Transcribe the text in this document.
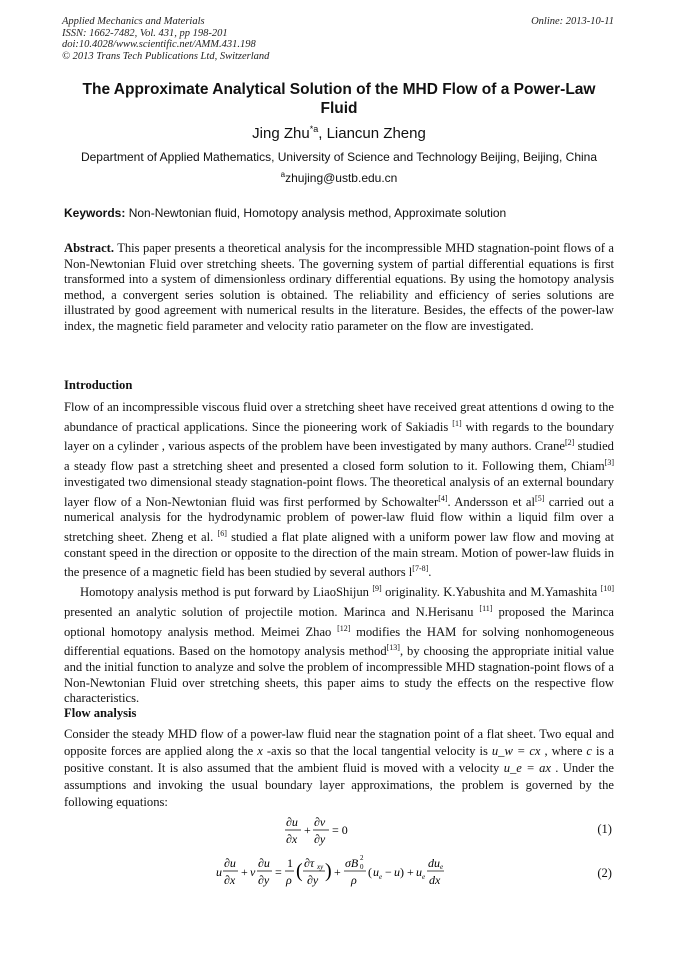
Applied Mechanics and Materials
ISSN: 1662-7482, Vol. 431, pp 198-201
doi:10.4028/www.scientific.net/AMM.431.198
© 2013 Trans Tech Publications Ltd, Switzerland
Online: 2013-10-11
The Approximate Analytical Solution of the MHD Flow of a Power-Law Fluid
Jing Zhu$^{*a}$, Liancun Zheng
Department of Applied Mathematics, University of Science and Technology Beijing, Beijing, China
$^a$zhujing@ustb.edu.cn
Keywords: Non-Newtonian fluid, Homotopy analysis method, Approximate solution
Abstract. This paper presents a theoretical analysis for the incompressible MHD stagnation-point flows of a Non-Newtonian Fluid over stretching sheets. The governing system of partial differential equations is first transformed into a system of dimensionless ordinary differential equations. By using the homotopy analysis method, a convergent series solution is obtained. The reliability and efficiency of series solutions are illustrated by good agreement with numerical results in the literature. Besides, the effects of the power-law index, the magnetic field parameter and velocity ratio parameter on the flow are investigated.
Introduction

Flow of an incompressible viscous fluid over a stretching sheet have received great attentions d owing to the abundance of practical applications. Since the pioneering work of Sakiadis [1] with regards to the boundary layer on a cylinder , various aspects of the problem have been investigated by many authors. Crane[2] studied a steady flow past a stretching sheet and presented a closed form solution to it. Following them, Chiam[3] investigated two dimensional steady stagnation-point flows. The theoretical analysis of an external boundary layer flow of a Non-Newtonian fluid was first performed by Schowalter[4]. Andersson et al[5] carried out a numerical analysis for the hydrodynamic problem of power-law fluid flow within a liquid film over a stretching sheet. Zheng et al. [6] studied a flat plate aligned with a uniform power law flow and moving at constant speed in the direction or opposite to the direction of the main stream. Motion of power-law fluids in the presence of a magnetic field has been studied by several authors l[7-8].

Homotopy analysis method is put forward by LiaoShijun [9] originality. K.Yabushita and M.Yamashita [10] presented an analytic solution of projectile motion. Marinca and N.Herisanu [11] proposed the Marinca optional homotopy analysis method. Meimei Zhao [12] modifies the HAM for solving nonhomogeneous differential equations. Based on the homotopy analysis method[13], by choosing the appropriate initial value and the initial function to analyze and solve the problem of incompressible MHD stagnation-point flows of a Non-Newtonian Fluid over stretching sheets, this paper aims to study the effects on the respective flow characteristics.

Flow analysis
Consider the steady MHD flow of a power-law fluid near the stagnation point of a flat sheet. Two equal and opposite forces are applied along the x -axis so that the local tangential velocity is u_w = cx , where c is a positive constant. It is also assumed that the ambient fluid is moved with a velocity u_e = ax . Under the assumptions and invoking the usual boundary layer approximations, the problem is governed by the following equations:
∂u
∂x
+
∂v
∂y
= 0	(1)
u
∂u
∂x
+ v
∂u
∂y
=
1
ρ ( ∂τ xy
∂y ) +
σB 0
2
ρ
( u e − u ) + u e
du e
dx	(2)
